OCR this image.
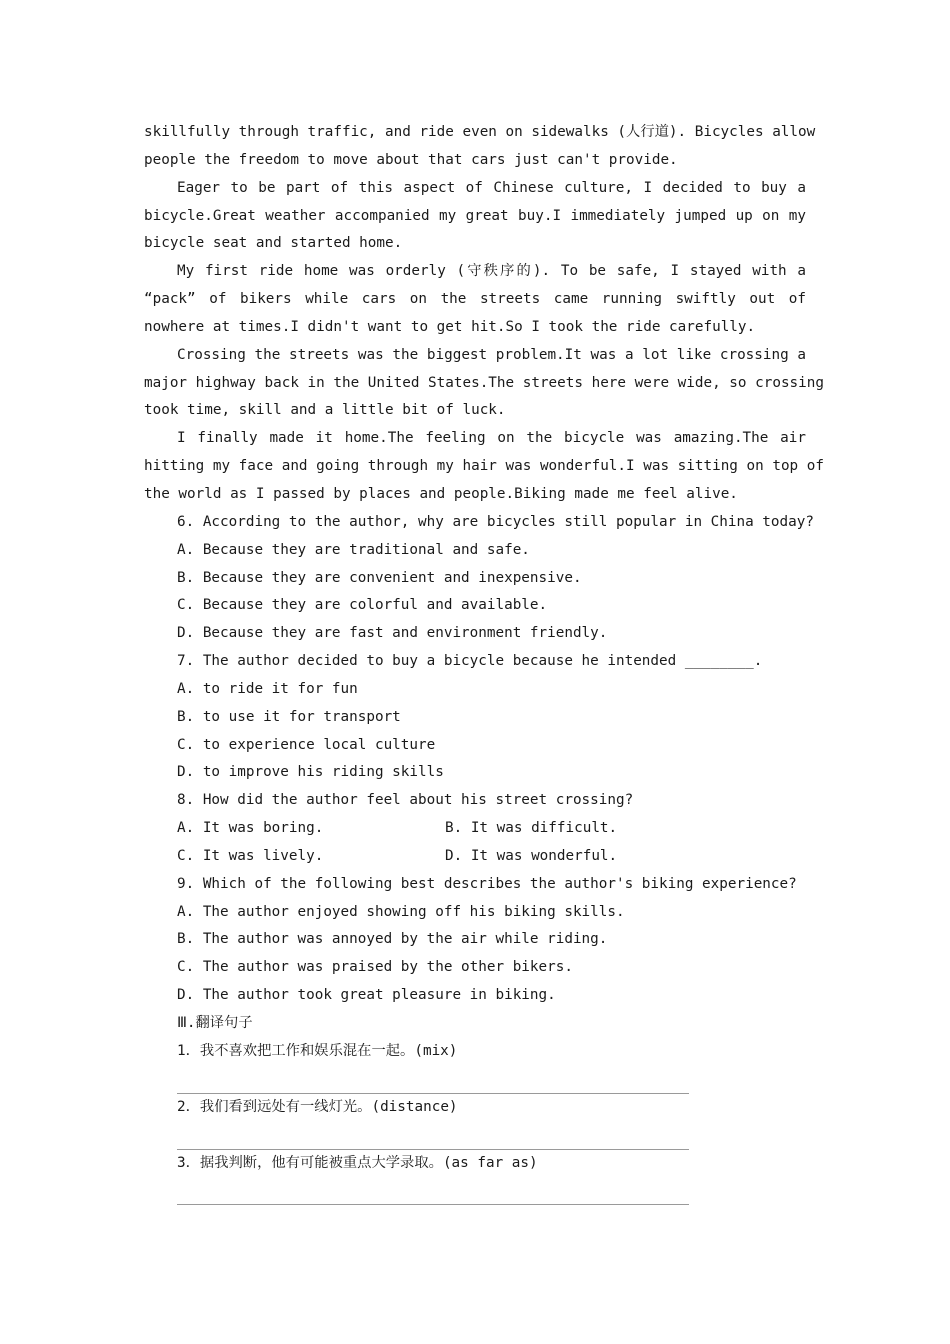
skillfully through traffic, and ride even on sidewalks (人行道). Bicycles allow
people the freedom to move about that cars just can't provide.
Eager to be part of this aspect of Chinese culture, I decided to buy a
bicycle.Great weather accompanied my great buy.I immediately jumped up on my
bicycle seat and started home.
My first ride home was orderly (守秩序的). To be safe, I stayed with a
“pack” of bikers while cars on the streets came running swiftly out of
nowhere at times.I didn't want to get hit.So I took the ride carefully.
Crossing the streets was the biggest problem.It was a lot like crossing a
major highway back in the United States.The streets here were wide, so crossing
took time, skill and a little bit of luck.
I finally made it home.The feeling on the bicycle was amazing.The air
hitting my face and going through my hair was wonderful.I was sitting on top of
the world as I passed by places and people.Biking made me feel alive.
6. According to the author, why are bicycles still popular in China today?
A. Because they are traditional and safe.
B. Because they are convenient and inexpensive.
C. Because they are colorful and available.
D. Because they are fast and environment friendly.
7. The author decided to buy a bicycle because he intended ________.
A. to ride it for fun
B. to use it for transport
C. to experience local culture
D. to improve his riding skills
8. How did the author feel about his street crossing?
A. It was boring.	B. It was difficult.
C. It was lively.	D. It was wonderful.
9. Which of the following best describes the author's biking experience?
A. The author enjoyed showing off his biking skills.
B. The author was annoyed by the air while riding.
C. The author was praised by the other bikers.
D. The author took great pleasure in biking.
Ⅲ.翻译句子
1．我不喜欢把工作和娱乐混在一起。(mix)
2．我们看到远处有一线灯光。(distance)
3．据我判断，他有可能被重点大学录取。(as far as)
